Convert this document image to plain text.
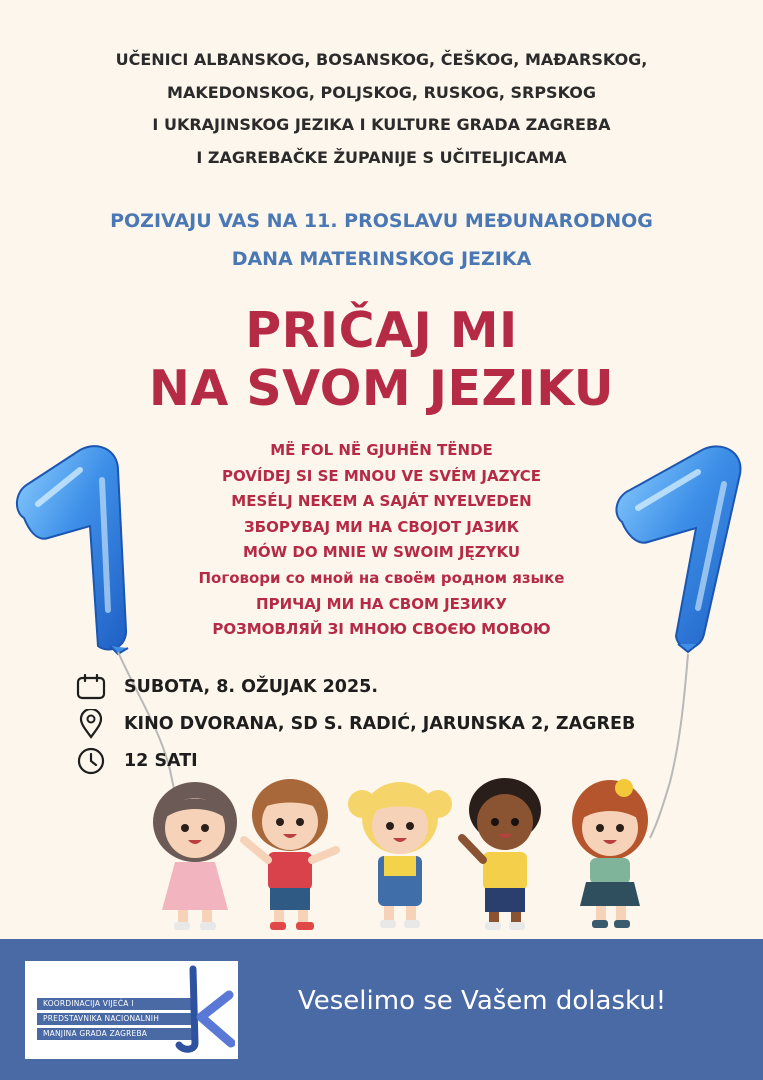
UČENICI ALBANSKOG, BOSANSKOG, ČEŠKOG, MAĐARSKOG,
MAKEDONSKOG, POLJSKOG, RUSKOG, SRPSKOG
I UKRAJINSKOG JEZIKA I KULTURE GRADA ZAGREBA
I ZAGREBAČKE ŽUPANIJE S UČITELJICAMA
POZIVAJU VAS NA 11. PROSLAVU MEĐUNARODNOG
DANA MATERINSKOG JEZIKA
PRIČAJ MI
NA SVOM JEZIKU
MË FOL NË GJUHËN TËNDE
POVÍDEJ SI SE MNOU VE SVÉM JAZYCE
MESÉLJ NEKEM A SAJÁT NYELVEDEN
ЗБОРУВАЈ МИ НА СВОЈОТ ЈАЗИК
MÓW DO MNIE W SWOIM JĘZYKU
Поговори со мной на своём родном языке
ПРИЧАЈ МИ НА СВОМ ЈЕЗИКУ
РОЗМОВЛЯЙ ЗІ МНОЮ СВОЄЮ МОВОЮ
SUBOTA, 8. OŽUJAK 2025.
KINO DVORANA, SD S. RADIĆ, JARUNSKA 2, ZAGREB
12 SATI
KOORDINACIJA VIJEĆA I
PREDSTAVNIKA NACIONALNIH
MANJINA GRADA ZAGREBA
Veselimo se Vašem dolasku!
